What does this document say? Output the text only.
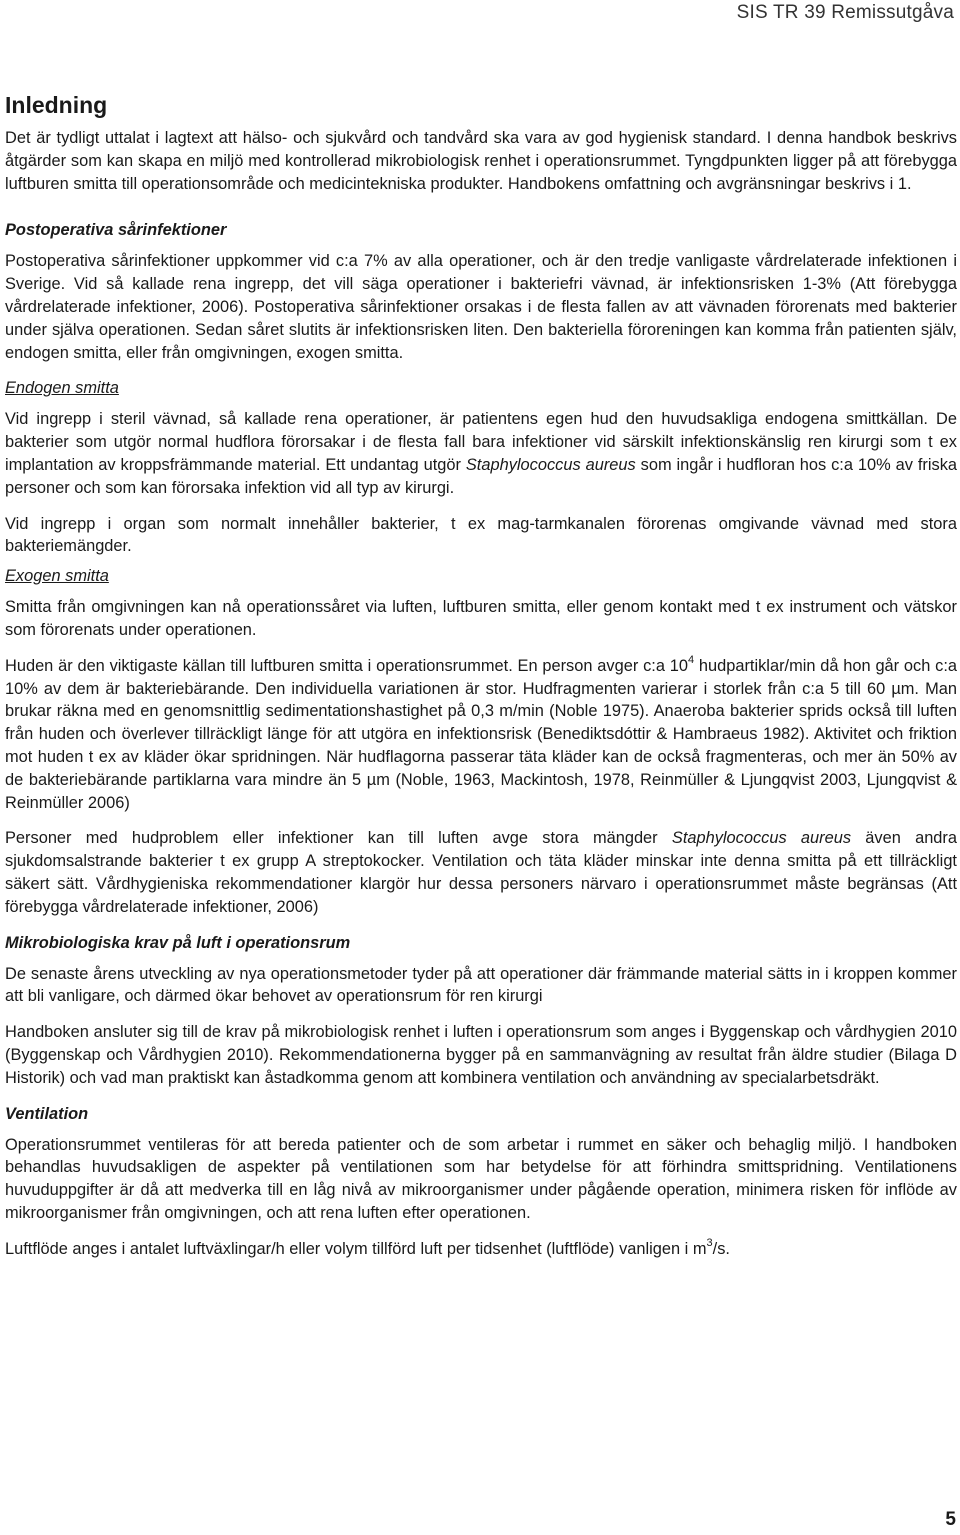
SIS TR 39 Remissutgåva
Inledning

Det är tydligt uttalat i lagtext att hälso- och sjukvård och tandvård ska vara av god hygienisk standard. I denna handbok beskrivs åtgärder som kan skapa en miljö med kontrollerad mikrobiologisk renhet i operationsrummet. Tyngdpunkten ligger på att förebygga luftburen smitta till operationsområde och medicintekniska produkter. Handbokens omfattning och avgränsningar beskrivs i 1.

Postoperativa sårinfektioner

Postoperativa sårinfektioner uppkommer vid c:a 7% av alla operationer, och är den tredje vanligaste vårdrelaterade infektionen i Sverige. Vid så kallade rena ingrepp, det vill säga operationer i bakteriefri vävnad, är infektionsrisken 1-3% (Att förebygga vårdrelaterade infektioner, 2006). Postoperativa sårinfektioner orsakas i de flesta fallen av att vävnaden förorenats med bakterier under själva operationen. Sedan såret slutits är infektionsrisken liten. Den bakteriella föroreningen kan komma från patienten själv, endogen smitta, eller från omgivningen, exogen smitta.

Endogen smitta

Vid ingrepp i steril vävnad, så kallade rena operationer, är patientens egen hud den huvudsakliga endogena smittkällan. De bakterier som utgör normal hudflora förorsakar i de flesta fall bara infektioner vid särskilt infektionskänslig ren kirurgi som t ex implantation av kroppsfrämmande material. Ett undantag utgör Staphylococcus aureus som ingår i hudfloran hos c:a 10% av friska personer och som kan förorsaka infektion vid all typ av kirurgi.

Vid ingrepp i organ som normalt innehåller bakterier, t ex mag-tarmkanalen förorenas omgivande vävnad med stora bakteriemängder.

Exogen smitta

Smitta från omgivningen kan nå operationssåret via luften, luftburen smitta, eller genom kontakt med t ex instrument och vätskor som förorenats under operationen.

Huden är den viktigaste källan till luftburen smitta i operationsrummet. En person avger c:a $10^4$ hudpartiklar/min då hon går och c:a 10% av dem är bakteriebärande. Den individuella variationen är stor. Hudfragmenten varierar i storlek från c:a 5 till 60 µm. Man brukar räkna med en genomsnittlig sedimentationshastighet på 0,3 m/min (Noble 1975). Anaeroba bakterier sprids också till luften från huden och överlever tillräckligt länge för att utgöra en infektionsrisk (Benediktsdóttir & Hambraeus 1982). Aktivitet och friktion mot huden t ex av kläder ökar spridningen. När hudflagorna passerar täta kläder kan de också fragmenteras, och mer än 50% av de bakteriebärande partiklarna vara mindre än 5 µm (Noble, 1963, Mackintosh, 1978, Reinmüller & Ljungqvist 2003, Ljungqvist & Reinmüller 2006)

Personer med hudproblem eller infektioner kan till luften avge stora mängder Staphylococcus aureus även andra sjukdomsalstrande bakterier t ex grupp A streptokocker. Ventilation och täta kläder minskar inte denna smitta på ett tillräckligt säkert sätt. Vårdhygieniska rekommendationer klargör hur dessa personers närvaro i operationsrummet måste begränsas (Att förebygga vårdrelaterade infektioner, 2006)

Mikrobiologiska krav på luft i operationsrum

De senaste årens utveckling av nya operationsmetoder tyder på att operationer där främmande material sätts in i kroppen kommer att bli vanligare, och därmed ökar behovet av operationsrum för ren kirurgi

Handboken ansluter sig till de krav på mikrobiologisk renhet i luften i operationsrum som anges i Byggenskap och vårdhygien 2010 (Byggenskap och Vårdhygien 2010). Rekommendationerna bygger på en sammanvägning av resultat från äldre studier (Bilaga D Historik) och vad man praktiskt kan åstadkomma genom att kombinera ventilation och användning av specialarbetsdräkt.

Ventilation

Operationsrummet ventileras för att bereda patienter och de som arbetar i rummet en säker och behaglig miljö. I handboken behandlas huvudsakligen de aspekter på ventilationen som har betydelse för att förhindra smittspridning. Ventilationens huvuduppgifter är då att medverka till en låg nivå av mikroorganismer under pågående operation, minimera risken för inflöde av mikroorganismer från omgivningen, och att rena luften efter operationen.

Luftflöde anges i antalet luftväxlingar/h eller volym tillförd luft per tidsenhet (luftflöde) vanligen i $m^3/s$.

5
